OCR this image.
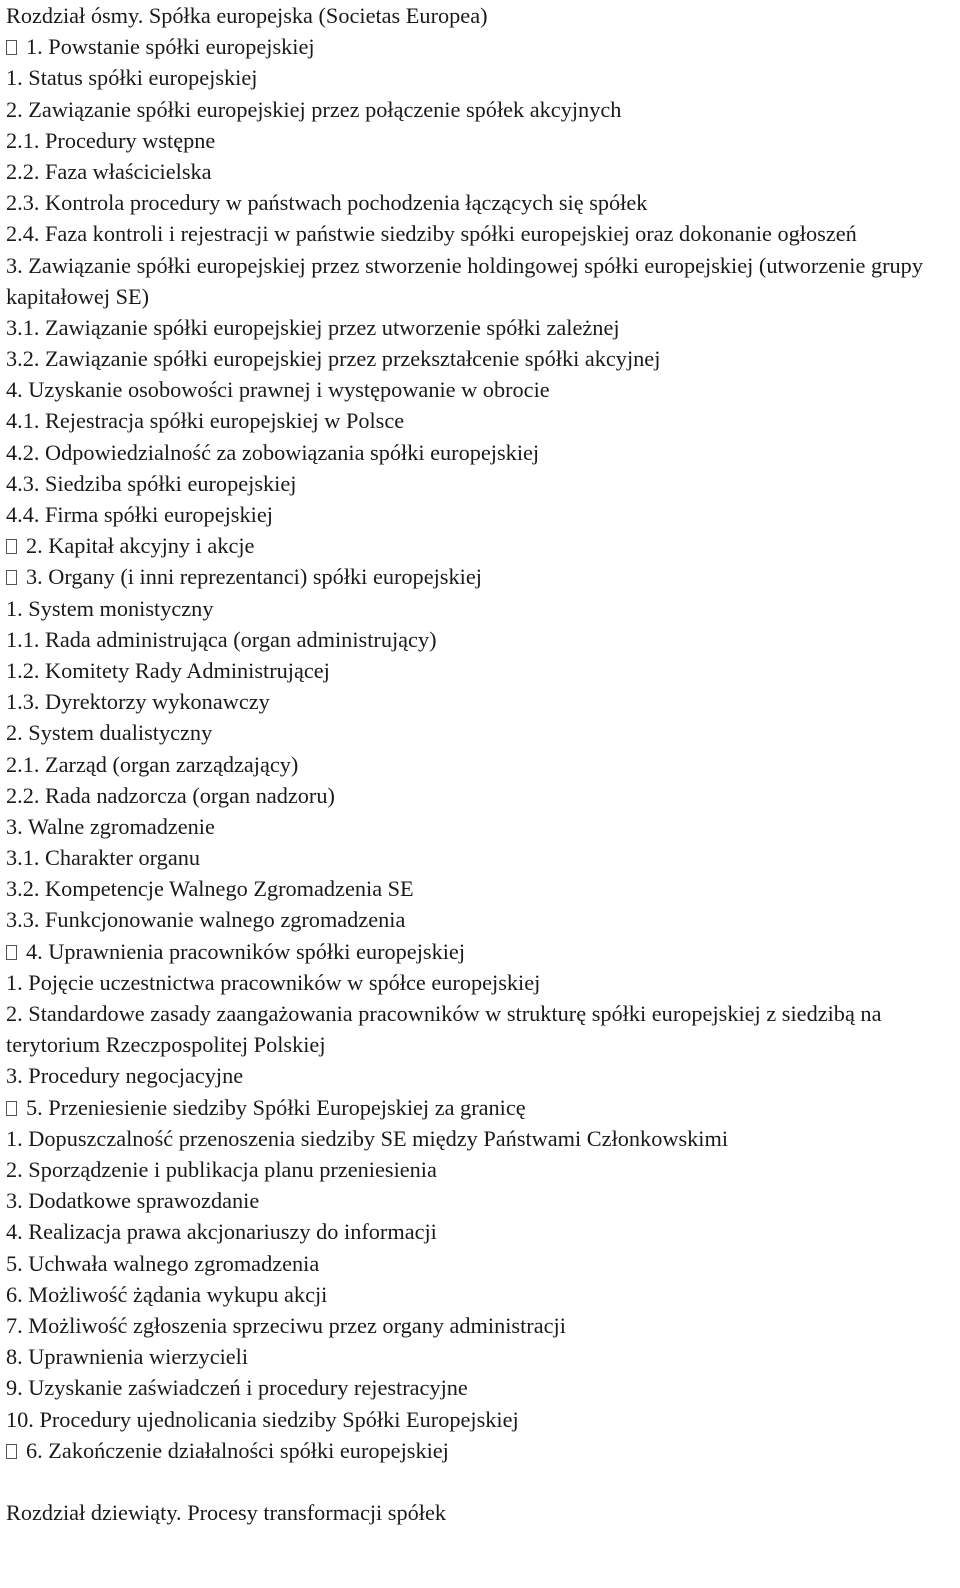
Rozdział ósmy. Spółka europejska (Societas Europea)
1. Powstanie spółki europejskiej
1. Status spółki europejskiej
2. Zawiązanie spółki europejskiej przez połączenie spółek akcyjnych
2.1. Procedury wstępne
2.2. Faza właścicielska
2.3. Kontrola procedury w państwach pochodzenia łączących się spółek
2.4. Faza kontroli i rejestracji w państwie siedziby spółki europejskiej oraz dokonanie ogłoszeń
3. Zawiązanie spółki europejskiej przez stworzenie holdingowej spółki europejskiej (utworzenie grupy kapitałowej SE)
3.1. Zawiązanie spółki europejskiej przez utworzenie spółki zależnej
3.2. Zawiązanie spółki europejskiej przez przekształcenie spółki akcyjnej
4. Uzyskanie osobowości prawnej i występowanie w obrocie
4.1. Rejestracja spółki europejskiej w Polsce
4.2. Odpowiedzialność za zobowiązania spółki europejskiej
4.3. Siedziba spółki europejskiej
4.4. Firma spółki europejskiej
2. Kapitał akcyjny i akcje
3. Organy (i inni reprezentanci) spółki europejskiej
1. System monistyczny
1.1. Rada administrująca (organ administrujący)
1.2. Komitety Rady Administrującej
1.3. Dyrektorzy wykonawczy
2. System dualistyczny
2.1. Zarząd (organ zarządzający)
2.2. Rada nadzorcza (organ nadzoru)
3. Walne zgromadzenie
3.1. Charakter organu
3.2. Kompetencje Walnego Zgromadzenia SE
3.3. Funkcjonowanie walnego zgromadzenia
4. Uprawnienia pracowników spółki europejskiej
1. Pojęcie uczestnictwa pracowników w spółce europejskiej
2. Standardowe zasady zaangażowania pracowników w strukturę spółki europejskiej z siedzibą na terytorium Rzeczpospolitej Polskiej
3. Procedury negocjacyjne
5. Przeniesienie siedziby Spółki Europejskiej za granicę
1. Dopuszczalność przenoszenia siedziby SE między Państwami Członkowskimi
2. Sporządzenie i publikacja planu przeniesienia
3. Dodatkowe sprawozdanie
4. Realizacja prawa akcjonariuszy do informacji
5. Uchwała walnego zgromadzenia
6. Możliwość żądania wykupu akcji
7. Możliwość zgłoszenia sprzeciwu przez organy administracji
8. Uprawnienia wierzycieli
9. Uzyskanie zaświadczeń i procedury rejestracyjne
10. Procedury ujednolicania siedziby Spółki Europejskiej
6. Zakończenie działalności spółki europejskiej
Rozdział dziewiąty. Procesy transformacji spółek
